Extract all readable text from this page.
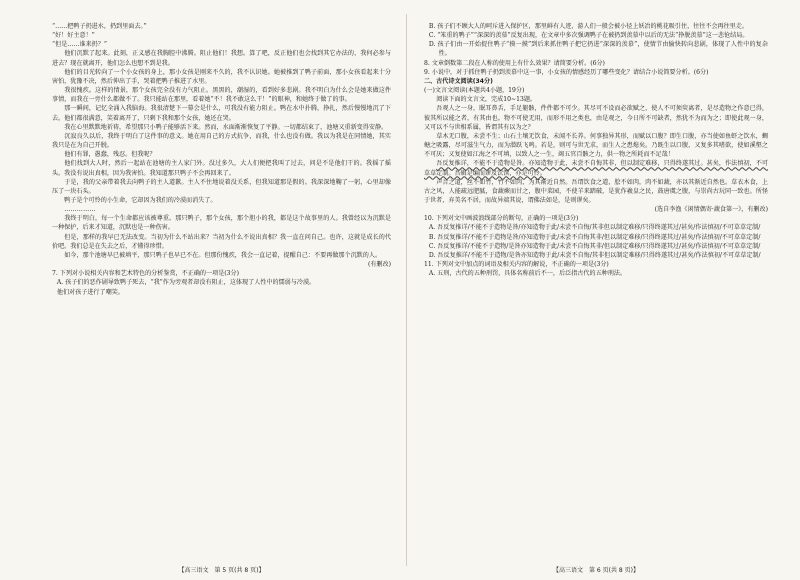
“……把鸭子扔进水，扔到里面去。”

“好！好主意！”

“但是……谁来扔？”

他们沉默了起来。此刻，正义感在我胸腔中沸腾。阻止他们！我想。算了吧，反正他们也会找到其它办法的，我何必参与进去？现在就离开，他们怎么也想不到是我。

他们的目光转向了一个小女孩的身上，那小女孩是刚来不久的，我不认识她。她被推到了鸭子前面，那小女孩看起来十分害怕，犹豫不决，然后伸出了手，哭着把鸭子推进了水里。

我很愧疚。这样的情景，那个女孩完全没有力气阻止。黑黑的，潮湿的，看到好多悲剧。我不明白为什么会是她来做这件事情，而我在一旁什么都做不了。我只能站在那里，看着她“不！我不敢这么干！”的眼神，和她终于做了的事。

那一瞬间，记忆全涌入我脑海。我很清楚下一幕会是什么，可我没有能力阻止。鸭在水中扑腾，挣扎，然后慢慢地沉了下去。他们都很满意，笑着离开了，只剩下我和那个女孩，她还在哭。

我在心里默默地祈祷，希望那只小鸭子能够活下来。然而，水面渐渐恢复了平静。一切都结束了，池塘又重新变得安静。

沉寂良久以后，我终于明白了这件事的意义。她在用自己的方式抗争，而我，什么也没有做。我以为我是在同情她，其实我只是在为自己开脱。

他们有罪，愚蠢，残忍。但我呢？

他们找到大人时，然后一起站在池塘的主人家门外。没过多久，大人们便把我叫了过去，问是不是他们干的。我摇了摇头。我没有说出真相，因为我害怕。我知道那只鸭子不会再回来了。

于是，我的父亲带着我去向鸭子的主人道歉。主人不住地说着没关系，但我知道那是假的。我深深地鞠了一躬，心里却像压了一块石头。

鸭子是个可怜的小生命，它却因为我们的冷漠而消失了。

……………

我终于明白，每一个生命都应该被尊重。那只鸭子，那个女孩，那个胆小的我，都是这个故事里的人。我曾经以为沉默是一种保护，后来才知道，沉默也是一种伤害。

但是，那样的我早已无法改变。当初为什么不站出来？当初为什么不说出真相？我一直在问自己。也许，这就是成长的代价吧。我们总是在失去之后，才懂得珍惜。

如今，那个池塘早已被填平，那只鸭子也早已不在。但那份愧疚，我会一直记着，提醒自己：不要再做那个沉默的人。

(有删改)

7. 下列对小说相关内容和艺术特色的分析鉴赏，不正确的一项是(3分)

A. 孩子们的恶作剧导致鸭子死去，“我”作为旁观者却没有阻止，这体现了人性中的懦弱与冷漠。

他们对孩子进行了嘲笑。

B. 孩子们不顾大人的呵斥进入保护区，那里鲜有人迹，游人们一般会被小径上妖冶的桃花吸引住，往往不会再往里走。

C. “笨重的鸭子”“深深的羡慕”反复出现，在文章中多次强调鸭子在被扔到羡慕中以后的无法“挣脱羡慕”这一悲怆结局。

D. 孩子们由一开始捉住鸭子“摸一摸”到后来抓住鸭子把它扔进“深深的羡慕”，使情节由愉快转向悲剧，体现了人性中的复杂性。

8. 文章倒数第二段在人称的使用上有什么效果？请简要分析。(6分)

9. 小说中，对于抓住鸭子扔到羡慕中这一事，小女孩的情感经历了哪些变化？请结合小说简要分析。(6分)

二、古代诗文阅读(34分)

(一)文言文阅读(本题共4小题，19分)

阅读下面的文言文，完成10~13题。

吾观人之一身，眠耳鼻舌，手足躯骸，件件都不可少。其尽可不设而必欲赋之，使人不可须臾离者，是尽造物之作意已得，彼其所以能之者，有其由也。物不可使无用，而形不用之类也，由是观之，今日所不可缺者，然犹不为而为之；即使此观一身，又可以不与世相系属，皆谓其有以为之？

草木无口腹，未尝不生；山石土壤无饮食，未闻不长养。何事独异其形，而赋以口腹？即生口腹，亦当使如鱼虾之饮水，蜩螗之吸露，尽可滋生气力，而为潜跃飞鸣。若是，则可与世无求，而生人之患熄矣。乃既生以口腹，又复多其嗜欲，使如溪壑之不可厌；又复使如江海之不可填，以致人之一生，竭五官百骸之力，供一物之所耗而不足哉！

吾反复推详，不能不于造物是咎。亦知造物于此，未尝不自悔其非，但以制定难移，只得终遂其过。甚矣，作法慎初，不可草草定制。吾辑是编而谬及饮馔，亦是可怜。

声音之道，丝不如竹，竹不如肉，为其渐近自然。吾谓饮食之道，脍不如肉，肉不如蔬，亦以其渐近自然也。草衣木食，上古之风，人能疏远肥腻，食蔬蕨而甘之，腹中菜园，不使羊来踏破，是犹作羲皇之民，鼓唐虞之腹，与崇尚古玩同一致也。所怪于世者，弃美名不居，而故异端其说，谓佛法如是，是则谬矣。

(选自李渔《闲情偶寄·蔬食第一》，有删改)

10. 下列对文中画波浪线部分的断句，正确的一项是(3分)

A. 吾反复推详/不能不于造物是咎/亦知造物于此/未尝不自悔/其非但以制定难移/只得终遂其过/甚矣/作法慎初/不可草草定制/

B. 吾反复推详/不能不于造物是咎/亦知造物于此/未尝不自悔其非/但以制定难移/只得终遂其过/甚矣/作法慎初/不可草草定制/

C. 吾反复推详/不能不于造物/是咎亦知造物于此/未尝不自悔其非/但以制定难移/只得终遂其过/甚矣/作法慎初/不可草草定制/

D. 吾反复推详/不能不于造物/是咎亦知造物于此/未尝不自悔/其非但以制定难移/只得终遂其过/甚矣/作法慎初/不可草草定制/

11. 下列对文中加点的词语及相关内容的解说，不正确的一项是(3分)

A. 五刑，古代的五种刑罚，具体名称前后不一，后泛指古代的五种刑法。

【高三语文　第 5 页(共 8 页)】	【高三语文　第 6 页(共 8 页)】
